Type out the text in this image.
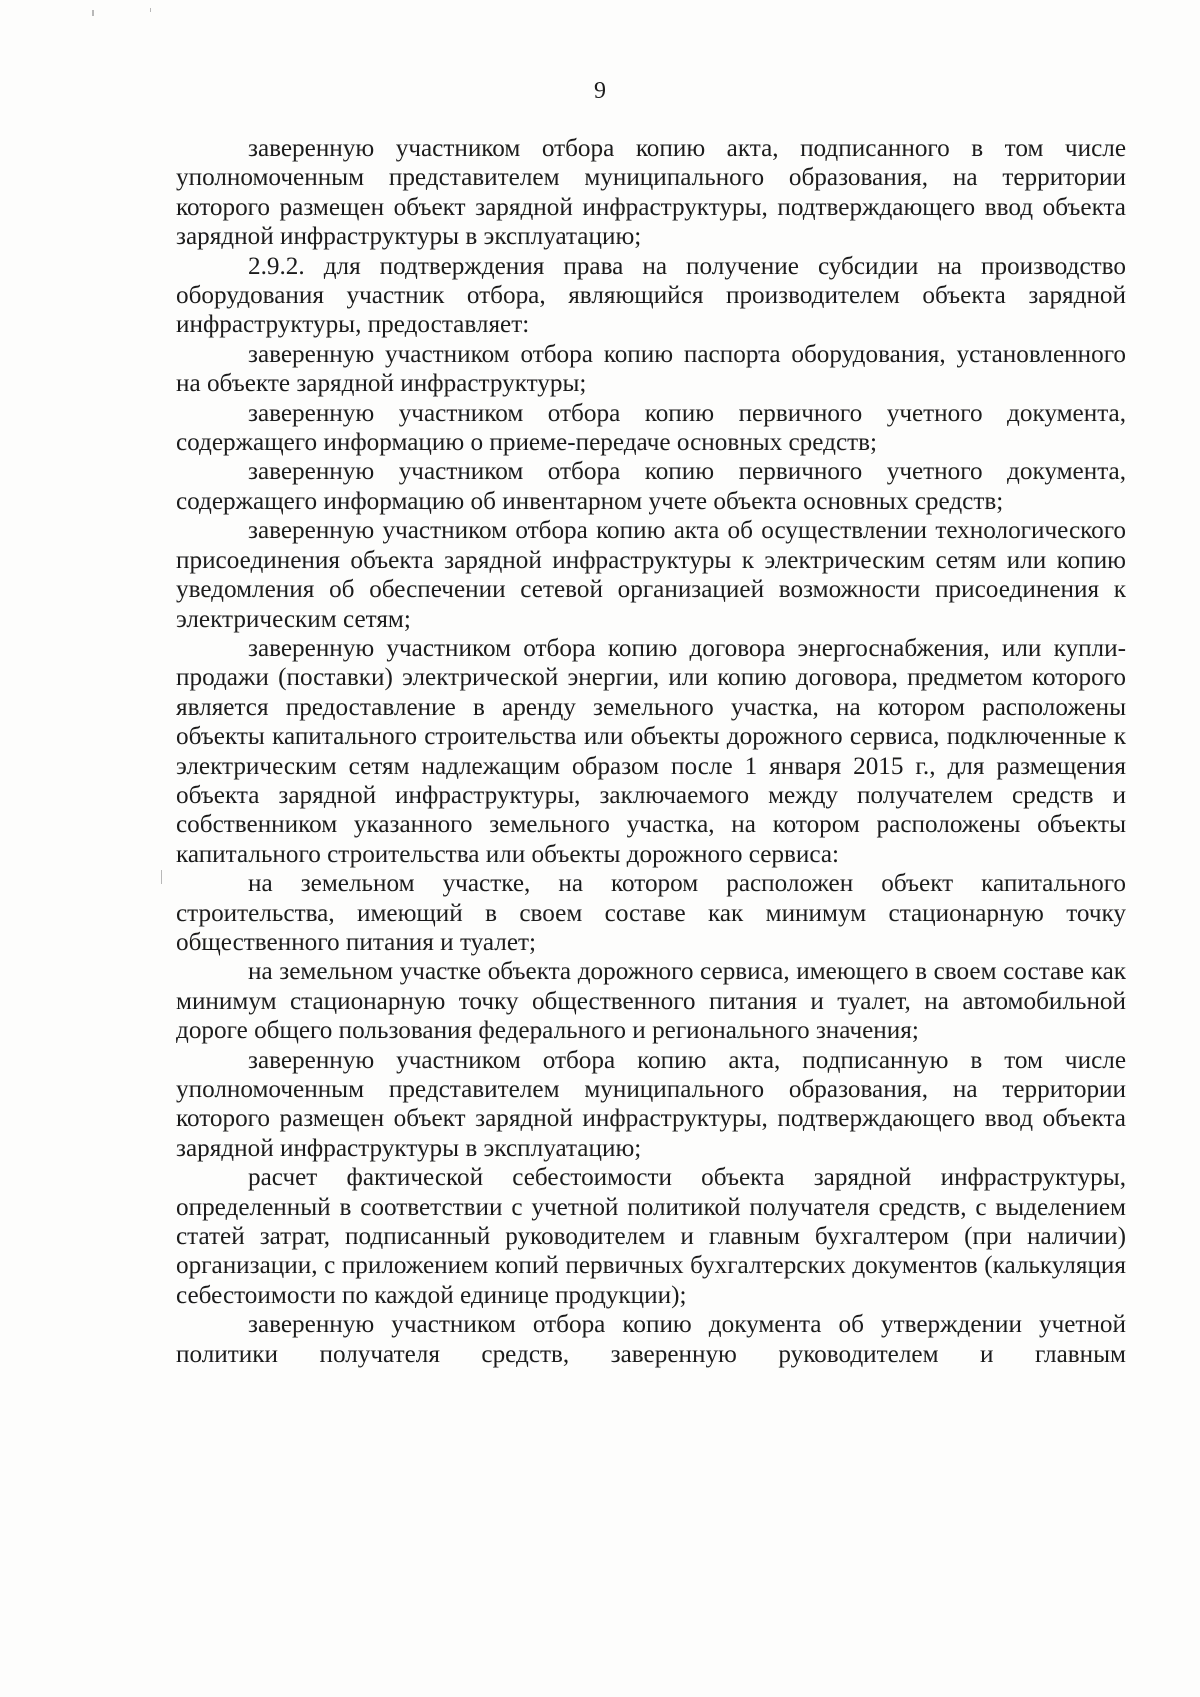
9

заверенную участником отбора копию акта, подписанного в том числе уполномоченным представителем муниципального образования, на территории которого размещен объект зарядной инфраструктуры, подтверждающего ввод объекта зарядной инфраструктуры в эксплуатацию;

2.9.2. для подтверждения права на получение субсидии на производство оборудования участник отбора, являющийся производителем объекта зарядной инфраструктуры, предоставляет:

заверенную участником отбора копию паспорта оборудования, установленного на объекте зарядной инфраструктуры;

заверенную участником отбора копию первичного учетного документа, содержащего информацию о приеме-передаче основных средств;

заверенную участником отбора копию первичного учетного документа, содержащего информацию об инвентарном учете объекта основных средств;

заверенную участником отбора копию акта об осуществлении технологического присоединения объекта зарядной инфраструктуры к электрическим сетям или копию уведомления об обеспечении сетевой организацией возможности присоединения к электрическим сетям;

заверенную участником отбора копию договора энергоснабжения, или купли-продажи (поставки) электрической энергии, или копию договора, предметом которого является предоставление в аренду земельного участка, на котором расположены объекты капитального строительства или объекты дорожного сервиса, подключенные к электрическим сетям надлежащим образом после 1 января 2015 г., для размещения объекта зарядной инфраструктуры, заключаемого между получателем средств и собственником указанного земельного участка, на котором расположены объекты капитального строительства или объекты дорожного сервиса:

на земельном участке, на котором расположен объект капитального строительства, имеющий в своем составе как минимум стационарную точку общественного питания и туалет;

на земельном участке объекта дорожного сервиса, имеющего в своем составе как минимум стационарную точку общественного питания и туалет, на автомобильной дороге общего пользования федерального и регионального значения;

заверенную участником отбора копию акта, подписанную в том числе уполномоченным представителем муниципального образования, на территории которого размещен объект зарядной инфраструктуры, подтверждающего ввод объекта зарядной инфраструктуры в эксплуатацию;

расчет фактической себестоимости объекта зарядной инфраструктуры, определенный в соответствии с учетной политикой получателя средств, с выделением статей затрат, подписанный руководителем и главным бухгалтером (при наличии) организации, с приложением копий первичных бухгалтерских документов (калькуляция себестоимости по каждой единице продукции);

заверенную участником отбора копию документа об утверждении учетной политики получателя средств, заверенную руководителем и главным
